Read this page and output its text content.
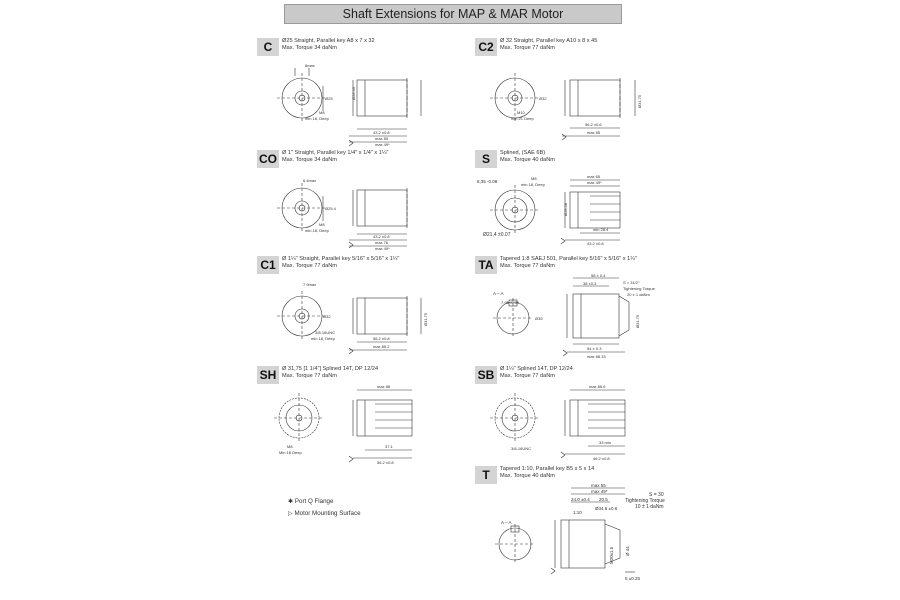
Shaft Extensions for MAP & MAR Motor
C	Ø25 Straight, Parallel key A8 x 7 x 32
Max. Torque 34 daNm
8max
Ø25
M8
min 18, Deep
43.2 ±0.8
max 80
max 49*
Ø28 h9
C2	Ø 32 Straight, Parallel key A10 x 8 x 45
Max. Torque 77 daNm
Ø32
M10
min 21 Deep
56.2 ±0.6
max 85
Ø31.75
CO Ø 1" Straight, Parallel key 1/4" x 1/4" x 1¼"
Max. Torque 34 daNm
6.4max
Ø25.4
M8
min 18, Deep
43.2 ±0.8
max 76
max 49*
S	Splined, (SAE 6B)
Max. Torque 40 daNm
6,35 -0.08
M8
min 18, Deep
max 65
max 49*
Ø21,4 ±0.07
Ø28.58
min 28.4
43.2 ±0.8
C1	Ø 1¼" Straight, Parallel key 5/16" x 5/16" x 1¼"
Max. Torque 77 daNm
7.9max
Ø32
3/8-16UNC
min 18, Deep	56.2 ±0.8
max 85.2
Ø31.75
TA	Tapered 1:8 SAEJ 501, Parallel key 5/16" x 5/16" x 1¼"
Max. Torque 77 daNm
A – A
7.95 -0.05
Ø35
58 ± 0.4
38 ±0.3
54 ± 0.3
max 88.33
S = 31/2"
Tightening Torque
20 ± 1 daNm
Ø31.75
SH	Ø 31,75 [1 1/4"] Splined 14T, DP 12/24
Max. Torque 77 daNm
max 88
M8
Min 18 Deep
37.1
56.2 ±0.8
SB	Ø 1¼" Splined 14T, DP 12/24
Max. Torque 77 daNm
max 86.6
3/8-16UNC
33 min
46.2 ±0.8
T	Tapered 1:10, Parallel key B5 x 5 x 14
Max. Torque 40 daNm
A – A
max 55
max 49*
24.0 ±0.4 20.5
Ø34.6 ±0.6
1:10
S = 30
Tightening Torque
10 ± 1 daNm
M20x1.5 Ø 44
5 ±0.25
✱ Port Q Flange
▷ Motor Mounting Surface
